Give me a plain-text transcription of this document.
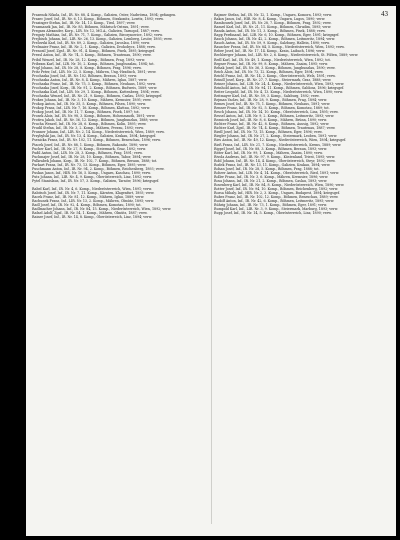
43

Prazenok Nikola, Inf., IR. Nr. 88, 4. Komp., Galizien, Oster, Nadwórna, 1894; gefangen.

Prazec Josef, Inf., IR. Nr. 6, 13. Komp., Böhmen, Strakonitz, Lowitz, 1893; verw.

Prazinger Stefan, Inf., IR. Nr. 14, 13. Komp., Tirol, 1897; verw.

Prazmanek Jan, Inf., IR. Nr. 85, Böhmen, Mährisch-Ostrau, 1891; verw.

Pregara Alexander, Korp., LIR. Nr. 12, MG.A., Galizien, Tarnopol, 1887; verw.

Pregaty Mathias, Inf., IR. Nr. 71, 7. Komp., Galizien, Bieczynowice, 1892; verw.

Prejbisch Johann, Inf., LIR. Nr. 26, 13. Komp., Galizien, Lemberg, Lesów, 1893; verw.

Prelovski Karl, Inf., IR. Nr. 89, 2. Komp., Galizien, Jaroslau, 1890; verw.

Prelmaier Franz, Inf., IR. Nr. 2, 1. Komp., Galizien, Drohobycz, 1888; verw.

Prenosil Josef, Zgsf., IR. Nr. 91, 4. Komp., Böhmen, Pisek, 1895; kriegsgef.

Pressl Anton, Inf., IR. Nr. 74, 3. Komp., Böhmen, Trautenau, 1890; verw.

Pribil Wenzel, Inf., IR. Nr. 28, 12. Komp., Böhmen, Prag, 1893; verw.

Pribram Karl, Inf., LIR. Nr. 10, 2. Komp., Böhmen, Jungbunzlau, 1894; tot.

Prigl Johann, Inf., IR. Nr. 28, 8. Komp., Böhmen, Prag, 1896; verw.

Pritz Peter, Inf., LIR. Nr. 22, 5. Komp., Mähren, Ung.-Hradisch, 1891; verw.

Prochaska Josef, Inf., IR. Nr. 102, Böhmen, Beraun, 1893; verw.

Prochazka Anton, Inf., IR. Nr. 8, 4. Komp., Mähren, Iglau, 1887; verw.

Prochazka Franz, Inf., IR. Nr. 75, 3. Komp., Böhmen, Neuhaus, 1892; verw.

Prochazka Josef, Korp., IR. Nr. 91, 2. Komp., Böhmen, Budweis, 1889; verw.

Prochazka Karl, Inf., LIR. Nr. 29, 1. Komp., Böhmen, Kuttenberg, 1894; verw.

Prochazka Wenzel, Inf., IR. Nr. 21, 9. Komp., Böhmen, Caslau, 1893; kriegsgef.

Prokes Johann, Inf., IR. Nr. 3, 10. Komp., Mähren, Kremsier, 1895; verw.

Prokop Anton, Inf., IR. Nr. 35, 5. Komp., Böhmen, Pilsen, 1890; verw.

Prokop Franz, Inf., LIR. Nr. 7, 16. Komp., Böhmen, Klattau, 1892; verw.

Prokop Josef, Inf., IR. Nr. 11, 7. Komp., Böhmen, Pisek, 1897; tot.

Prosek Alois, Inf., IR. Nr. 98, 3. Komp., Böhmen, Hohenmauth, 1891; verw.

Protiva Jakob, Inf., IR. Nr. 36, 12. Komp., Böhmen, Jungbunzlau, 1888; verw.

Prucha Wenzel, Inf., IR. Nr. 28, 6. Komp., Böhmen, Kolin, 1895; verw.

Prudil Stefan, Inf., IR. Nr. 3, 2. Komp., Mähren, Prerau, 1893; verw.

Prunner Johann, Inf., LIR. Nr. 2, 14. Komp., Niederösterreich, Wien, 1889; verw.

Przybylski Jan, Inf., IR. Nr. 13, 4. Komp., Galizien, Krakau, 1894; kriegsgef.

Psenicka Franz, Inf., IR. Nr. 102, 11. Komp., Böhmen, Beneschau, 1896; verw.

Ptacek Josef, Inf., IR. Nr. 88, 1. Komp., Böhmen, Rakonitz, 1890; verw.

Pucher Karl, Inf., IR. Nr. 27, 8. Komp., Steiermark, Graz, 1892; verw.

Pudil Anton, Inf., LIR. Nr. 28, 3. Komp., Böhmen, Prag, 1891; verw.

Puchmajer Josef, Inf., IR. Nr. 28, 10. Komp., Böhmen, Tabor, 1894; verw.

Pulkrabek Johann, Korp., IR. Nr. 102, 7. Komp., Böhmen, Beraun, 1888; tot.

Purkart Franz, Inf., IR. Nr. 73, 13. Komp., Böhmen, Eger, 1895; verw.

Puschmann Anton, Inf., IR. Nr. 94, 2. Komp., Böhmen, Reichenberg, 1893; verw.

Puskas Janos, Inf., HIR. Nr. 16, 5. Komp., Ungarn, Kaschau, 1890; verw.

Putz Johann, Inf., LIR. Nr. 4, 9. Komp., Oberösterreich, Linz, 1892; verw.

Pytel Stanislaus, Inf., IR. Nr. 57, 3. Komp., Galizien, Tarnów, 1896; kriegsgef.

Rabel Karl, Inf., IR. Nr. 4, 6. Komp., Niederösterreich, Wien, 1891; verw.

Rabitsch Josef, Inf., IR. Nr. 7, 11. Komp., Kärnten, Klagenfurt, 1893; verw.

Racek Franz, Inf., IR. Nr. 81, 12. Komp., Mähren, Iglau, 1889; verw.

Rachunek Franz, Inf., LIR. Nr. 13, 2. Komp., Mähren, Olmütz, 1895; verw.

Radl Josef, Inf., IR. Nr. 92, 4. Komp., Böhmen, Komotau, 1890; tot.

Radlmacher Johann, Inf., IR. Nr. 84, 15. Komp., Niederösterreich, Wien, 1892; verw.

Rafael Adolf, Zgsf., IR. Nr. 54, 1. Komp., Mähren, Olmütz, 1887; verw.

Rainer Josef, Inf., IR. Nr. 14, 8. Komp., Oberösterreich, Linz, 1894; verw.

Rajzner Stefan, Inf., IR. Nr. 12, 1. Komp., Ungarn, Komorn, 1893; verw.

Rakos Janos, Inf., HIR. Nr. 8, 4. Komp., Ungarn, Lugos, 1890; verw.

Rambousek Josef, Inf., IR. Nr. 28, 7. Komp., Böhmen, Prag, 1892; verw.

Rameš Karl, Inf., IR. Nr. 21, 11. Komp., Böhmen, Chrudim, 1895; verw.

Randa Anton, Inf., IR. Nr. 11, 3. Komp., Böhmen, Pisek, 1888; verw.

Rapp Ferdinand, Inf., LIR. Nr. 6, 10. Komp., Böhmen, Eger, 1891; kriegsgef.

Rasch Johann, Inf., IR. Nr. 42, 2. Komp., Böhmen, Leitmeritz, 1894; verw.

Rauch Anton, Inf., IR. Nr. 59, 9. Komp., Salzburg, Hallein, 1890; verw.

Rauscher Franz, Inf., IR. Nr. 84, 5. Komp., Niederösterreich, Wien, 1893; verw.

Reber Josef, Inf., IR. Nr. 17, 14. Komp., Krain, Laibach, 1896; verw.

Rechberger Johann, Inf., LIR. Nr. 2, 6. Komp., Niederösterreich, St. Pölten, 1889; verw.

Redl Karl, Inf., IR. Nr. 49, 1. Komp., Niederösterreich, Wien, 1892; tot.

Regner Franz, Inf., IR. Nr. 99, 8. Komp., Mähren, Znaim, 1895; verw.

Rehak Josef, Inf., IR. Nr. 36, 3. Komp., Böhmen, Jungbunzlau, 1890; verw.

Reich Alois, Inf., IR. Nr. 73, 12. Komp., Böhmen, Eger, 1894; verw.

Reichl Franz, Inf., IR. Nr. 14, 2. Komp., Oberösterreich, Wels, 1891; verw.

Reindl Josef, Korp., IR. Nr. 27, 7. Komp., Steiermark, Graz, 1888; verw.

Reiner Johann, Inf., LIR. Nr. 24, 4. Komp., Niederösterreich, Wien, 1893; verw.

Reinhold Anton, Inf., IR. Nr. 94, 11. Komp., Böhmen, Gablonz, 1896; kriegsgef.

Reiter Leopold, Inf., IR. Nr. 4, 13. Komp., Niederösterreich, Wien, 1890; verw.

Reitmayer Karl, Inf., IR. Nr. 59, 3. Komp., Salzburg, 1892; verw.

Rejman Vaclav, Inf., IR. Nr. 28, 9. Komp., Böhmen, Prag, 1894; verw.

Remes Josef, Inf., IR. Nr. 75, 1. Komp., Böhmen, Neuhaus, 1891; verw.

Renner Franz, Inf., IR. Nr. 92, 5. Komp., Böhmen, Komotau, 1889; tot.

Resch Johann, Inf., IR. Nr. 14, 10. Komp., Oberösterreich, Linz, 1895; verw.

Ressel Anton, Inf., LIR. Nr. 9, 2. Komp., Böhmen, Leitmeritz, 1893; verw.

Reznicek Josef, Inf., IR. Nr. 8, 6. Komp., Mähren, Brünn, 1890; verw.

Richter Franz, Inf., IR. Nr. 42, 8. Komp., Böhmen, Aussig, 1892; verw.

Richter Karl, Zgsf., IR. Nr. 74, 4. Komp., Böhmen, Trautenau, 1887; verw.

Riedl Josef, Inf., IR. Nr. 73, 15. Komp., Böhmen, Eger, 1896; verw.

Riegler Johann, Inf., IR. Nr. 27, 2. Komp., Steiermark, Leoben, 1891; verw.

Ries Anton, Inf., IR. Nr. 49, 12. Komp., Niederösterreich, Wien, 1894; kriegsgef.

Rieß Franz, Inf., LIR. Nr. 21, 7. Komp., Niederösterreich, Krems, 1889; verw.

Rippel Josef, Inf., IR. Nr. 88, 3. Komp., Böhmen, Beraun, 1893; verw.

Ritter Karl, Inf., IR. Nr. 99, 1. Komp., Mähren, Znaim, 1890; verw.

Rivola Andreas, Inf., IR. Nr. 97, 9. Komp., Küstenland, Triest, 1895; verw.

Robl Johann, Inf., IR. Nr. 14, 4. Komp., Oberösterreich, Steyr, 1892; verw.

Rodek Franz, Inf., IR. Nr. 13, 11. Komp., Galizien, Krakau, 1894; verw.

Rohan Josef, Inf., IR. Nr. 28, 5. Komp., Böhmen, Prag, 1888; tot.

Rohrer Anton, Inf., LIR. Nr. 4, 14. Komp., Oberösterreich, Ried, 1891; verw.

Roller Franz, Inf., IR. Nr. 3, 6. Komp., Mähren, Kremsier, 1896; verw.

Rosa Johann, Inf., IR. Nr. 21, 2. Komp., Böhmen, Caslau, 1893; verw.

Rosenberg Karl, Inf., IR. Nr. 84, 8. Komp., Niederösterreich, Wien, 1890; verw.

Rotter Josef, Inf., IR. Nr. 94, 10. Komp., Böhmen, Reichenberg, 1892; verw.

Rozsa Mihaly, Inf., HIR. Nr. 2, 3. Komp., Ungarn, Budapest, 1894; kriegsgef.

Rubes Franz, Inf., IR. Nr. 102, 12. Komp., Böhmen, Beneschau, 1889; verw.

Rudolf Anton, Inf., IR. Nr. 42, 6. Komp., Böhmen, Leitmeritz, 1895; verw.

Rührig Johann, Inf., IR. Nr. 73, 1. Komp., Böhmen, Eger, 1891; verw.

Rumpold Karl, Inf., LIR. Nr. 3, 9. Komp., Steiermark, Marburg, 1893; verw.

Rupp Josef, Inf., IR. Nr. 14, 5. Komp., Oberösterreich, Linz, 1890; verw.
